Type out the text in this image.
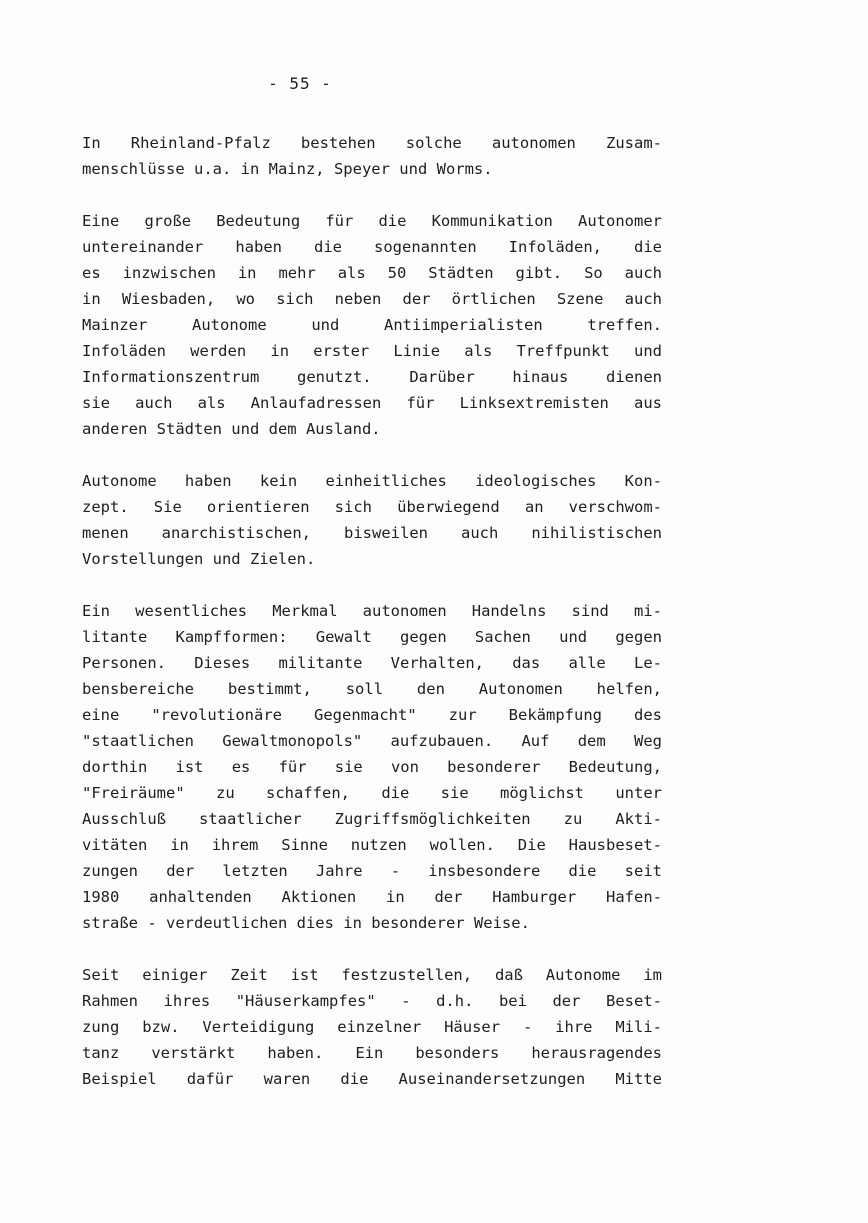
- 55 -
In Rheinland-Pfalz bestehen solche autonomen Zusam-
menschlüsse u.a. in Mainz, Speyer und Worms.
Eine große Bedeutung für die Kommunikation Autonomer
untereinander haben die sogenannten Infoläden, die
es inzwischen in mehr als 50 Städten gibt. So auch
in Wiesbaden, wo sich neben der örtlichen Szene auch
Mainzer Autonome und Antiimperialisten treffen.
Infoläden werden in erster Linie als Treffpunkt und
Informationszentrum genutzt. Darüber hinaus dienen
sie auch als Anlaufadressen für Linksextremisten aus
anderen Städten und dem Ausland.
Autonome haben kein einheitliches ideologisches Kon-
zept. Sie orientieren sich überwiegend an verschwom-
menen anarchistischen, bisweilen auch nihilistischen
Vorstellungen und Zielen.
Ein wesentliches Merkmal autonomen Handelns sind mi-
litante Kampfformen: Gewalt gegen Sachen und gegen
Personen. Dieses militante Verhalten, das alle Le-
bensbereiche bestimmt, soll den Autonomen helfen,
eine "revolutionäre Gegenmacht" zur Bekämpfung des
"staatlichen Gewaltmonopols" aufzubauen. Auf dem Weg
dorthin ist es für sie von besonderer Bedeutung,
"Freiräume" zu schaffen, die sie möglichst unter
Ausschluß staatlicher Zugriffsmöglichkeiten zu Akti-
vitäten in ihrem Sinne nutzen wollen. Die Hausbeset-
zungen der letzten Jahre - insbesondere die seit
1980 anhaltenden Aktionen in der Hamburger Hafen-
straße - verdeutlichen dies in besonderer Weise.
Seit einiger Zeit ist festzustellen, daß Autonome im
Rahmen ihres "Häuserkampfes" - d.h. bei der Beset-
zung bzw. Verteidigung einzelner Häuser - ihre Mili-
tanz verstärkt haben. Ein besonders herausragendes
Beispiel dafür waren die Auseinandersetzungen Mitte
